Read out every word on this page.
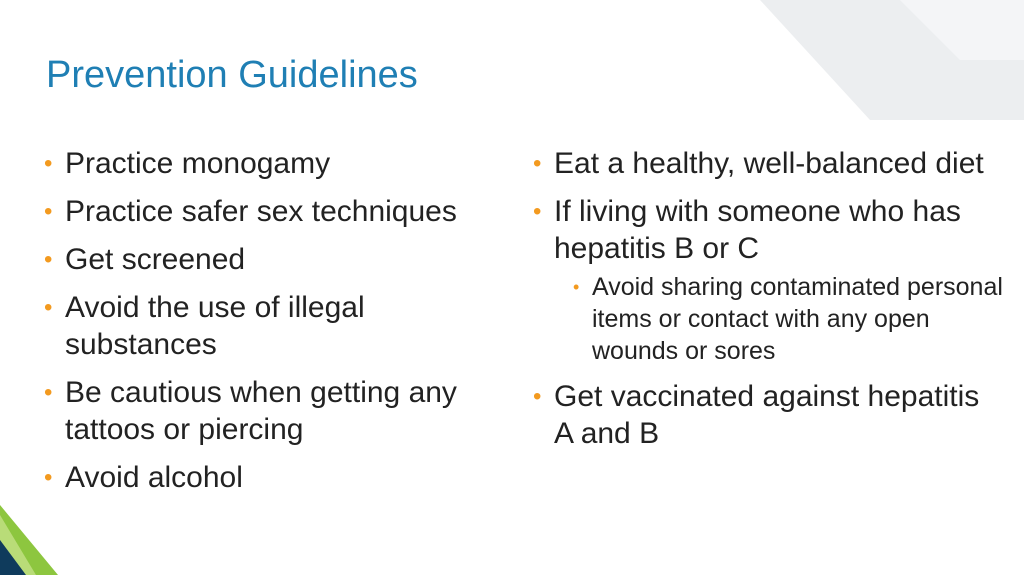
Prevention Guidelines
• Practice monogamy
• Practice safer sex techniques
• Get screened
• Avoid the use of illegal substances
• Be cautious when getting any tattoos or piercing
• Avoid alcohol
• Eat a healthy, well-balanced diet
• If living with someone who has hepatitis B or C
• Avoid sharing contaminated personal items or contact with any open wounds or sores
• Get vaccinated against hepatitis A and B
